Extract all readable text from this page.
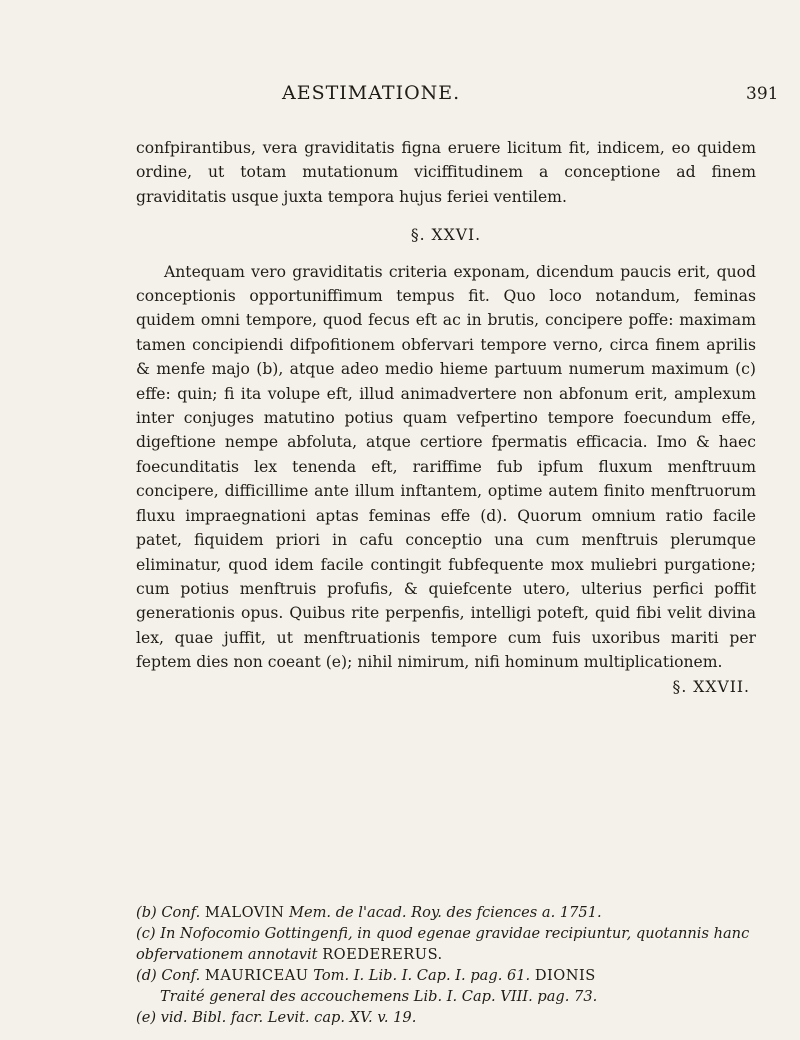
AESTIMATIONE.	391

confpirantibus, vera graviditatis figna eruere licitum fit, indicem, eo quidem ordine, ut totam mutationum viciffitudinem a conceptione ad finem graviditatis usque juxta tempora hujus feriei ventilem.

§. XXVI.

Antequam vero graviditatis criteria exponam, dicendum paucis erit, quod conceptionis opportuniffimum tempus fit. Quo loco notandum, feminas quidem omni tempore, quod fecus eft ac in brutis, concipere poffe: maximam tamen concipiendi difpofitionem obfervari tempore verno, circa finem aprilis & menfe majo (b), atque adeo medio hieme partuum numerum maximum (c) effe: quin; fi ita volupe eft, illud animadvertere non abfonum erit, amplexum inter conjuges matutino potius quam vefpertino tempore foecundum effe, digeftione nempe abfoluta, atque certiore fpermatis efficacia. Imo & haec foecunditatis lex tenenda eft, rariffime fub ipfum fluxum menftruum concipere, difficillime ante illum inftantem, optime autem finito menftruorum fluxu impraegnationi aptas feminas effe (d). Quorum omnium ratio facile patet, fiquidem priori in cafu conceptio una cum menftruis plerumque eliminatur, quod idem facile contingit fubfequente mox muliebri purgatione; cum potius menftruis profufis, & quiefcente utero, ulterius perfici poffit generationis opus. Quibus rite perpenfis, intelligi poteft, quid fibi velit divina lex, quae juffit, ut menftruationis tempore cum fuis uxoribus mariti per feptem dies non coeant (e); nihil nimirum, nifi hominum multiplicationem.

§. XXVII.

(b) Conf. MALOVIN Mem. de l'acad. Roy. des fciences a. 1751.

(c) In Nofocomio Gottingenfi, in quod egenae gravidae recipiuntur, quotannis hanc obfervationem annotavit ROEDERERUS.

(d) Conf. MAURICEAU Tom. I. Lib. I. Cap. I. pag. 61. DIONIS

Traité general des accouchemens Lib. I. Cap. VIII. pag. 73.

(e) vid. Bibl. facr. Levit. cap. XV. v. 19.
